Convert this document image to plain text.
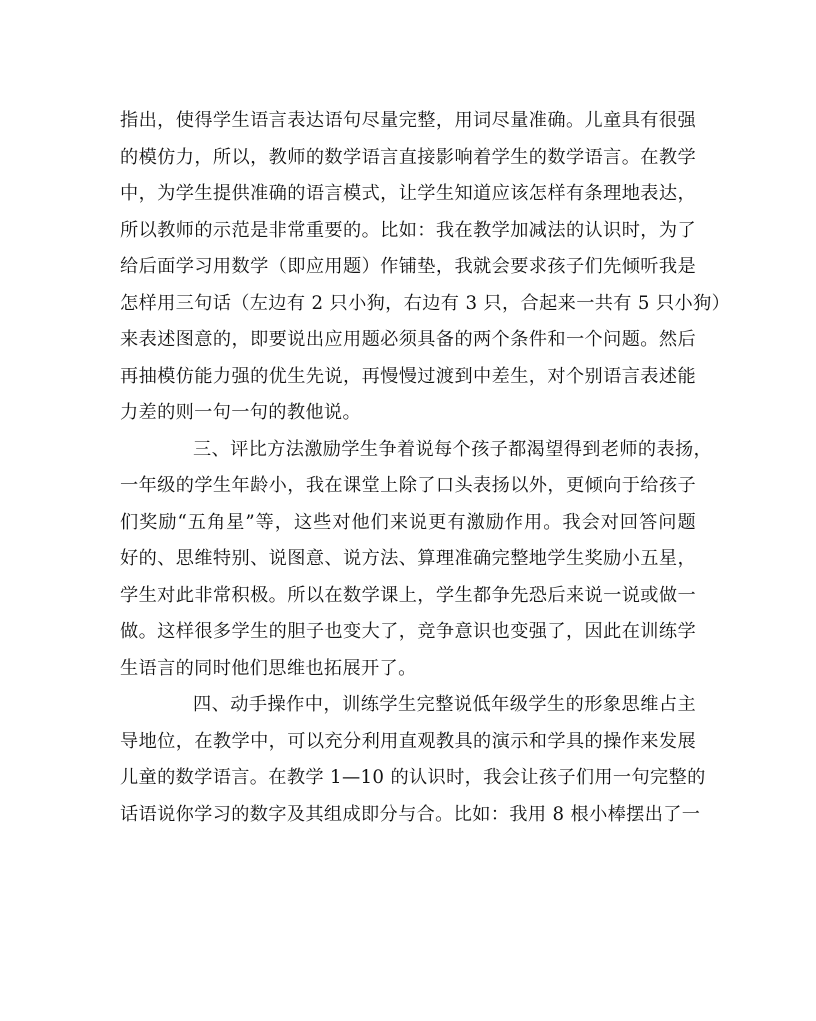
指出，使得学生语言表达语句尽量完整，用词尽量准确。儿童具有很强
的模仿力，所以，教师的数学语言直接影响着学生的数学语言。在教学
中，为学生提供准确的语言模式，让学生知道应该怎样有条理地表达，
所以教师的示范是非常重要的。比如：我在教学加减法的认识时，为了
给后面学习用数学（即应用题）作铺垫，我就会要求孩子们先倾听我是
怎样用三句话（左边有 2 只小狗，右边有 3 只，合起来一共有 5 只小狗）
来表述图意的，即要说出应用题必须具备的两个条件和一个问题。然后
再抽模仿能力强的优生先说，再慢慢过渡到中差生，对个别语言表述能
力差的则一句一句的教他说。
三、评比方法激励学生争着说每个孩子都渴望得到老师的表扬，
一年级的学生年龄小，我在课堂上除了口头表扬以外，更倾向于给孩子
们奖励“五角星”等，这些对他们来说更有激励作用。我会对回答问题
好的、思维特别、说图意、说方法、算理准确完整地学生奖励小五星，
学生对此非常积极。所以在数学课上，学生都争先恐后来说一说或做一
做。这样很多学生的胆子也变大了，竞争意识也变强了，因此在训练学
生语言的同时他们思维也拓展开了。
四、动手操作中，训练学生完整说低年级学生的形象思维占主
导地位，在教学中，可以充分利用直观教具的演示和学具的操作来发展
儿童的数学语言。在教学 1—10 的认识时，我会让孩子们用一句完整的
话语说你学习的数字及其组成即分与合。比如：我用 8 根小棒摆出了一
